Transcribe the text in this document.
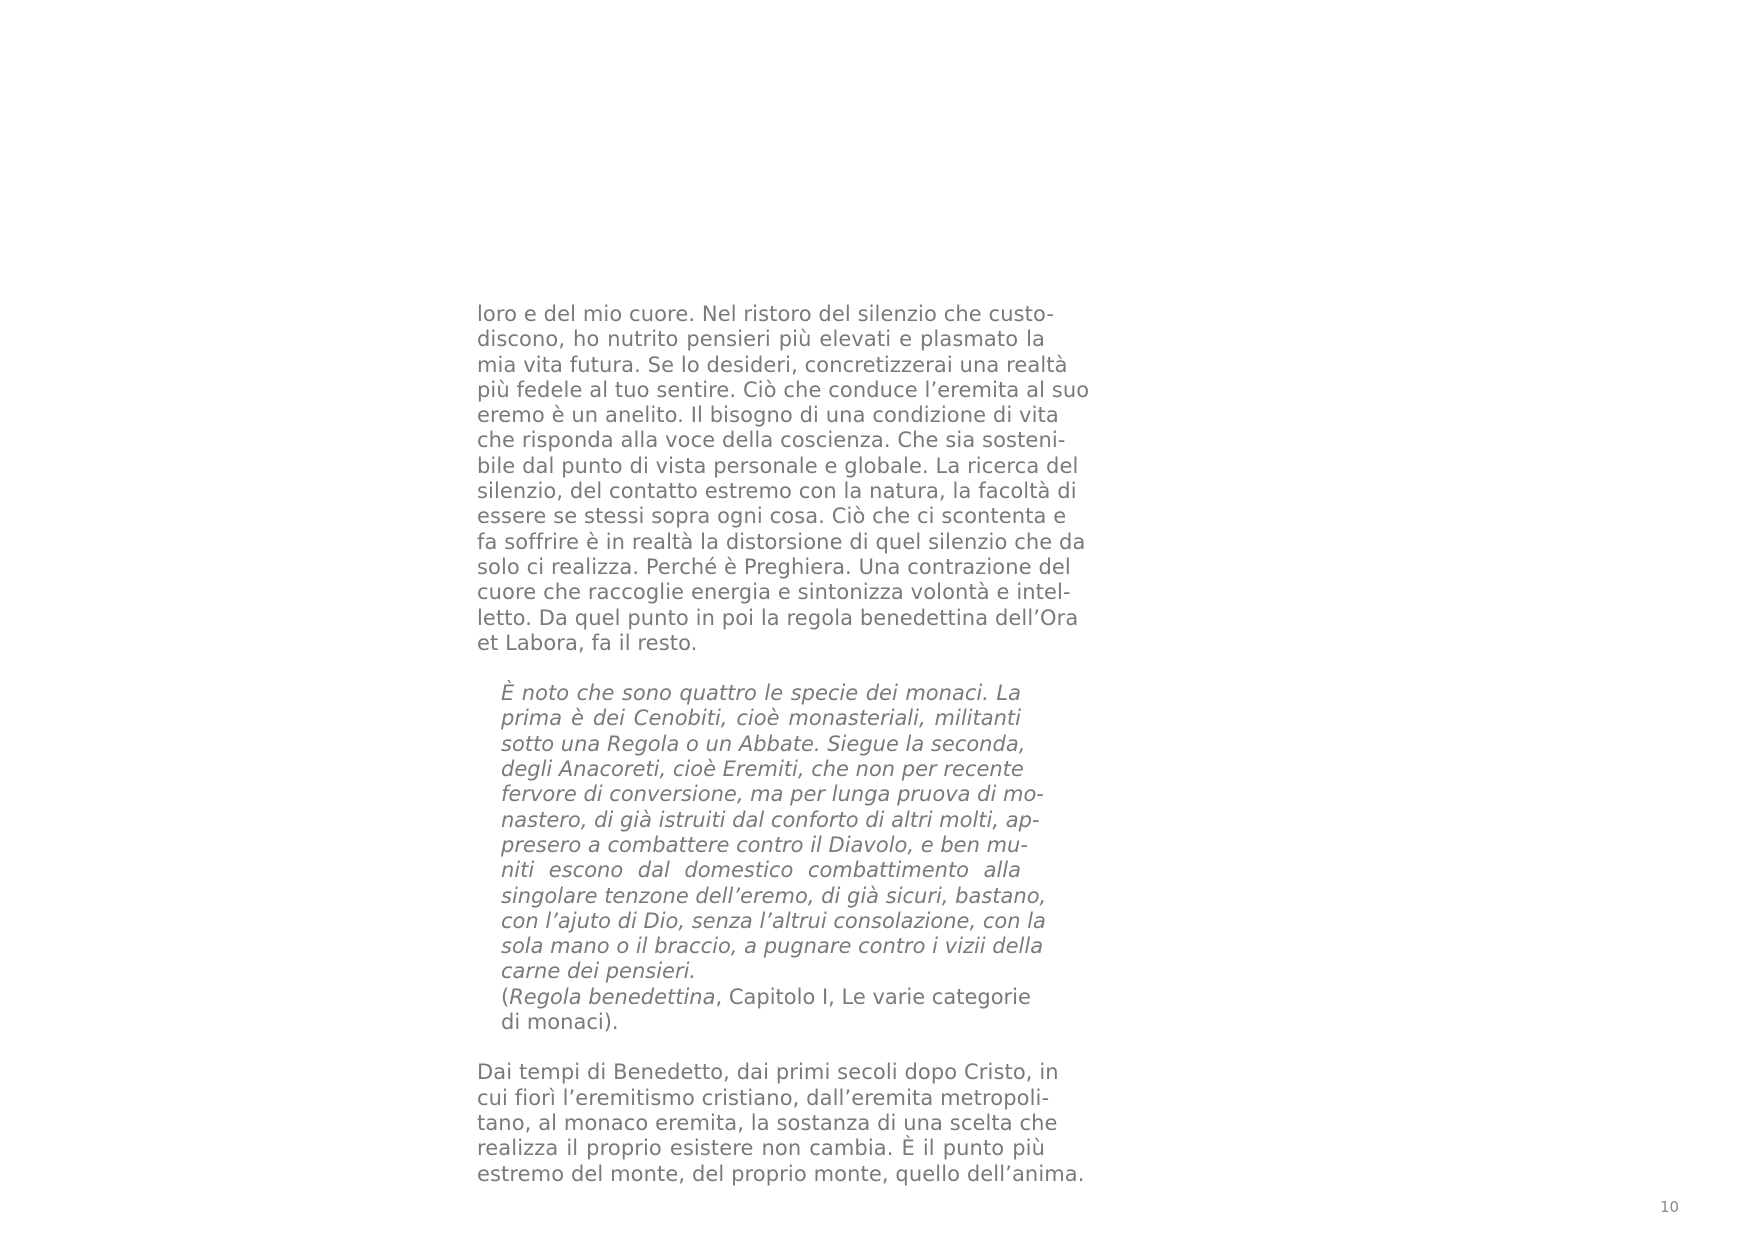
loro e del mio cuore. Nel ristoro del silenzio che custo-
discono, ho nutrito pensieri più elevati e plasmato la
mia vita futura. Se lo desideri, concretizzerai una realtà
più fedele al tuo sentire. Ciò che conduce l’eremita al suo
eremo è un anelito. Il bisogno di una condizione di vita
che risponda alla voce della coscienza. Che sia sosteni-
bile dal punto di vista personale e globale. La ricerca del
silenzio, del contatto estremo con la natura, la facoltà di
essere se stessi sopra ogni cosa. Ciò che ci scontenta e
fa soffrire è in realtà la distorsione di quel silenzio che da
solo ci realizza. Perché è Preghiera. Una contrazione del
cuore che raccoglie energia e sintonizza volontà e intel-
letto. Da quel punto in poi la regola benedettina dell’Ora
et Labora, fa il resto.

È noto che sono quattro le specie dei monaci. La
prima è dei Cenobiti, cioè monasteriali, militanti
sotto una Regola o un Abbate. Siegue la seconda,
degli Anacoreti, cioè Eremiti, che non per recente
fervore di conversione, ma per lunga pruova di mo-
nastero, di già istruiti dal conforto di altri molti, ap-
presero a combattere contro il Diavolo, e ben mu-
niti escono dal domestico combattimento alla
singolare tenzone dell’eremo, di già sicuri, bastano,
con l’ajuto di Dio, senza l’altrui consolazione, con la
sola mano o il braccio, a pugnare contro i vizii della
carne dei pensieri.
(Regola benedettina, Capitolo I, Le varie categorie
di monaci).

Dai tempi di Benedetto, dai primi secoli dopo Cristo, in
cui fiorì l’eremitismo cristiano, dall’eremita metropoli-
tano, al monaco eremita, la sostanza di una scelta che
realizza il proprio esistere non cambia. È il punto più
estremo del monte, del proprio monte, quello dell’anima.

10
